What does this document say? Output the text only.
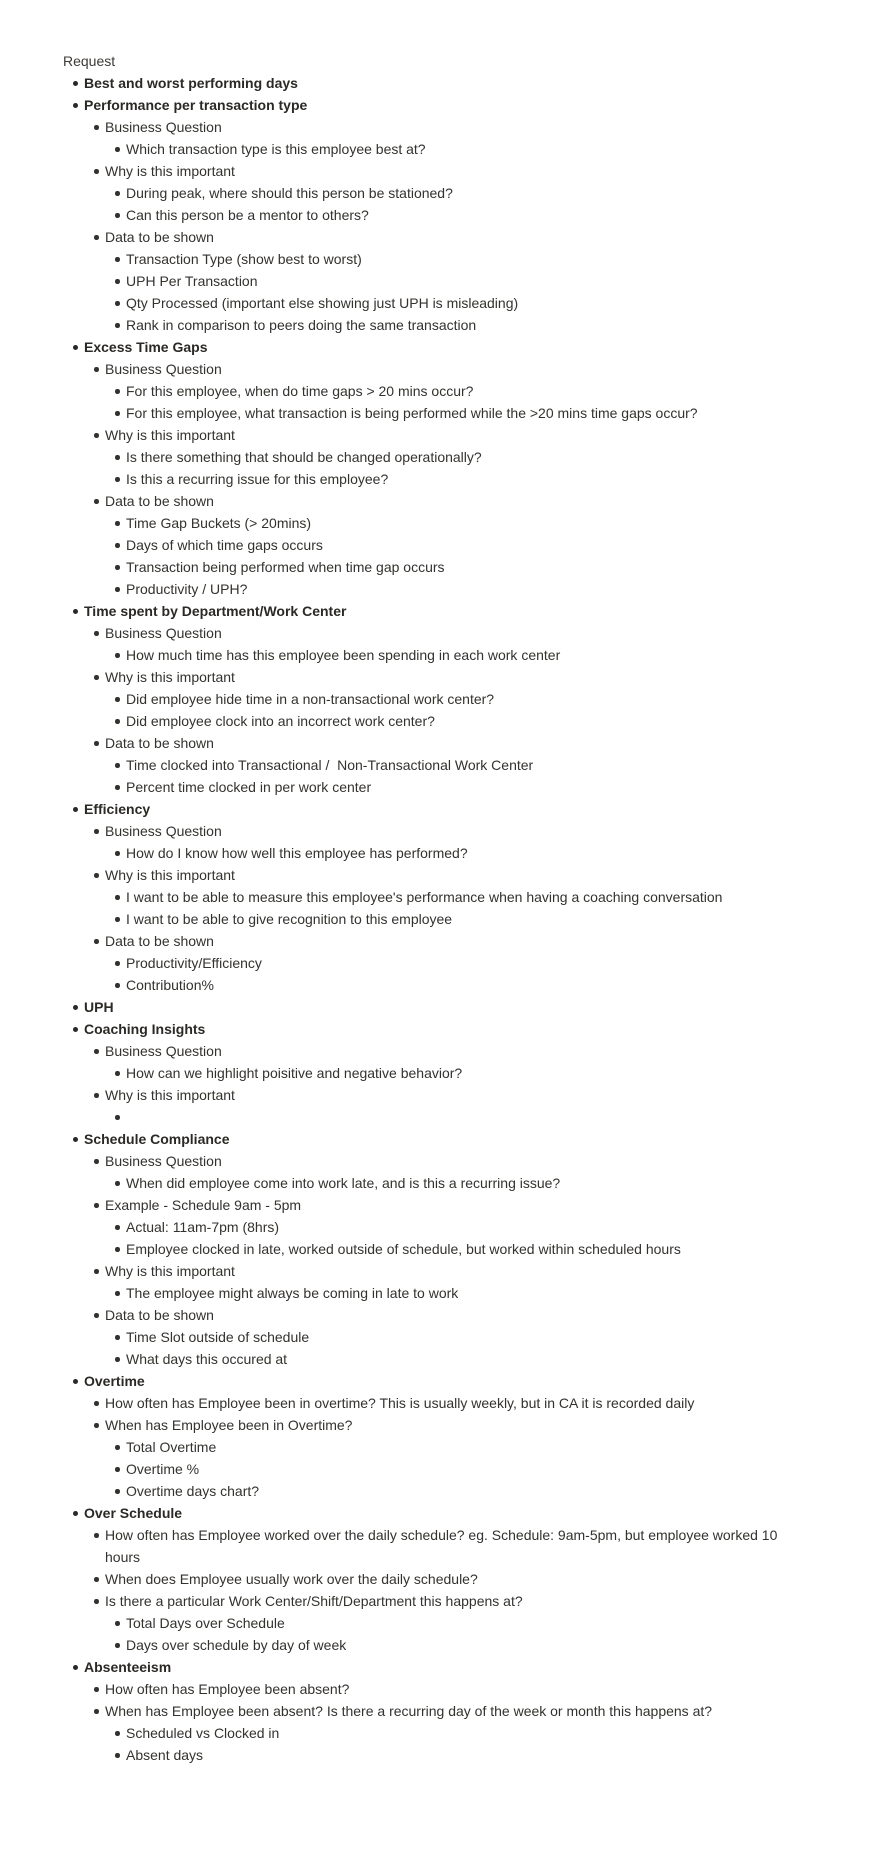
Request
Best and worst performing days
Performance per transaction type
Business Question
Which transaction type is this employee best at?
Why is this important
During peak, where should this person be stationed?
Can this person be a mentor to others?
Data to be shown
Transaction Type (show best to worst)
UPH Per Transaction
Qty Processed (important else showing just UPH is misleading)
Rank in comparison to peers doing the same transaction
Excess Time Gaps
Business Question
For this employee, when do time gaps > 20 mins occur?
For this employee, what transaction is being performed while the >20 mins time gaps occur?
Why is this important
Is there something that should be changed operationally?
Is this a recurring issue for this employee?
Data to be shown
Time Gap Buckets (> 20mins)
Days of which time gaps occurs
Transaction being performed when time gap occurs
Productivity / UPH?
Time spent by Department/Work Center
Business Question
How much time has this employee been spending in each work center
Why is this important
Did employee hide time in a non-transactional work center?
Did employee clock into an incorrect work center?
Data to be shown
Time clocked into Transactional /  Non-Transactional Work Center
Percent time clocked in per work center
Efficiency
Business Question
How do I know how well this employee has performed?
Why is this important
I want to be able to measure this employee's performance when having a coaching conversation
I want to be able to give recognition to this employee
Data to be shown
Productivity/Efficiency
Contribution%
UPH
Coaching Insights
Business Question
How can we highlight poisitive and negative behavior?
Why is this important
Schedule Compliance
Business Question
When did employee come into work late, and is this a recurring issue?
Example - Schedule 9am - 5pm
Actual: 11am-7pm (8hrs)
Employee clocked in late, worked outside of schedule, but worked within scheduled hours
Why is this important
The employee might always be coming in late to work
Data to be shown
Time Slot outside of schedule
What days this occured at
Overtime
How often has Employee been in overtime? This is usually weekly, but in CA it is recorded daily
When has Employee been in Overtime?
Total Overtime
Overtime %
Overtime days chart?
Over Schedule
How often has Employee worked over the daily schedule? eg. Schedule: 9am-5pm, but employee worked 10 hours
When does Employee usually work over the daily schedule?
Is there a particular Work Center/Shift/Department this happens at?
Total Days over Schedule
Days over schedule by day of week
Absenteeism
How often has Employee been absent?
When has Employee been absent? Is there a recurring day of the week or month this happens at?
Scheduled vs Clocked in
Absent days
